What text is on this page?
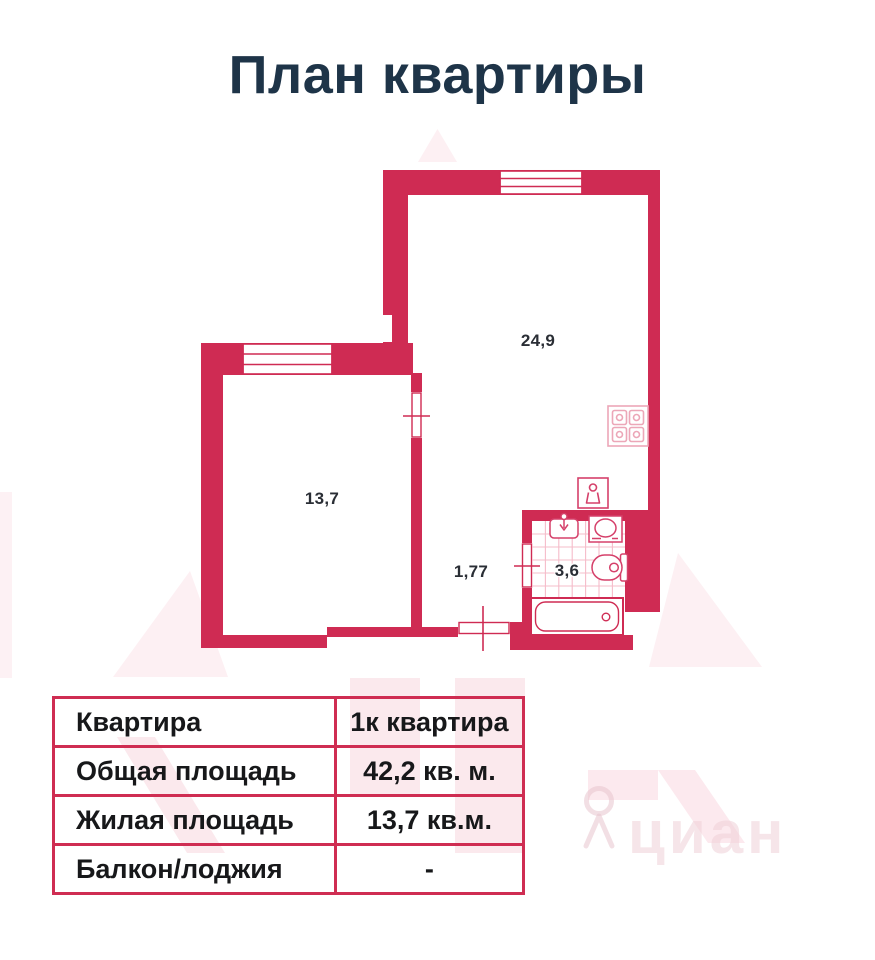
План квартиры
циан
24,9
13,7
1,77	3,6
Квартира	1к квартира
Общая площадь	42,2 кв. м.
Жилая площадь	13,7 кв.м.
Балкон/лоджия	-
